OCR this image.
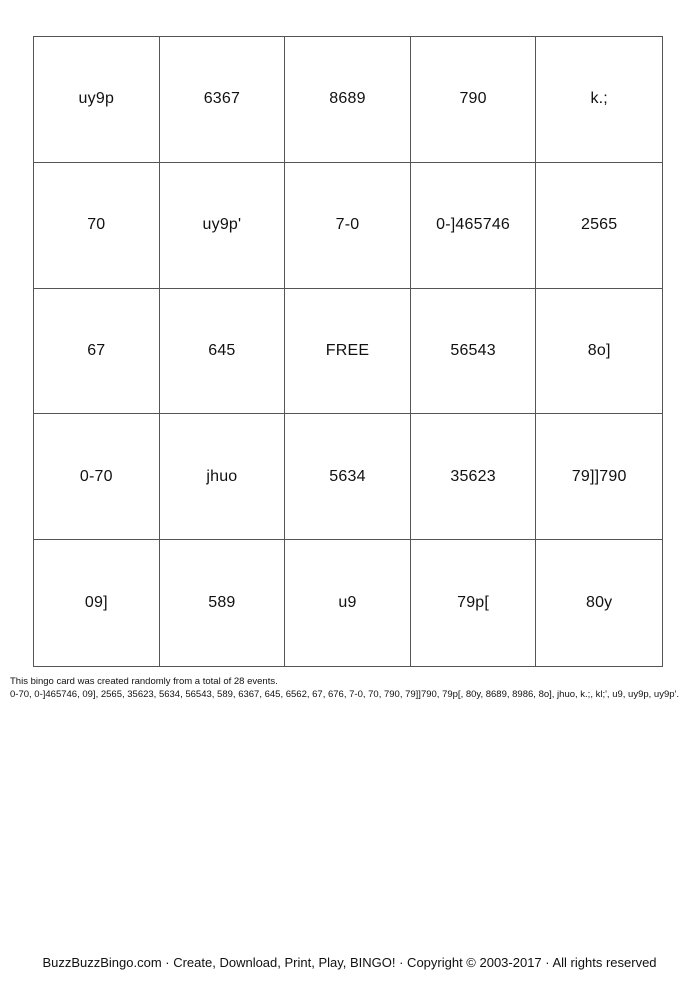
uy9p	6367	8689	790	k.;
70	uy9p'	7-0	0-]465746	2565
67	645	FREE	56543	8o]
0-70	jhuo	5634	35623	79]]790
09]	589	u9	79p[	80y
This bingo card was created randomly from a total of 28 events.
0-70, 0-]465746, 09], 2565, 35623, 5634, 56543, 589, 6367, 645, 6562, 67, 676, 7-0, 70, 790, 79]]790, 79p[, 80y, 8689, 8986, 8o], jhuo, k.;, kl;', u9, uy9p, uy9p'.
BuzzBuzzBingo.com · Create, Download, Print, Play, BINGO! · Copyright © 2003-2017 · All rights reserved
